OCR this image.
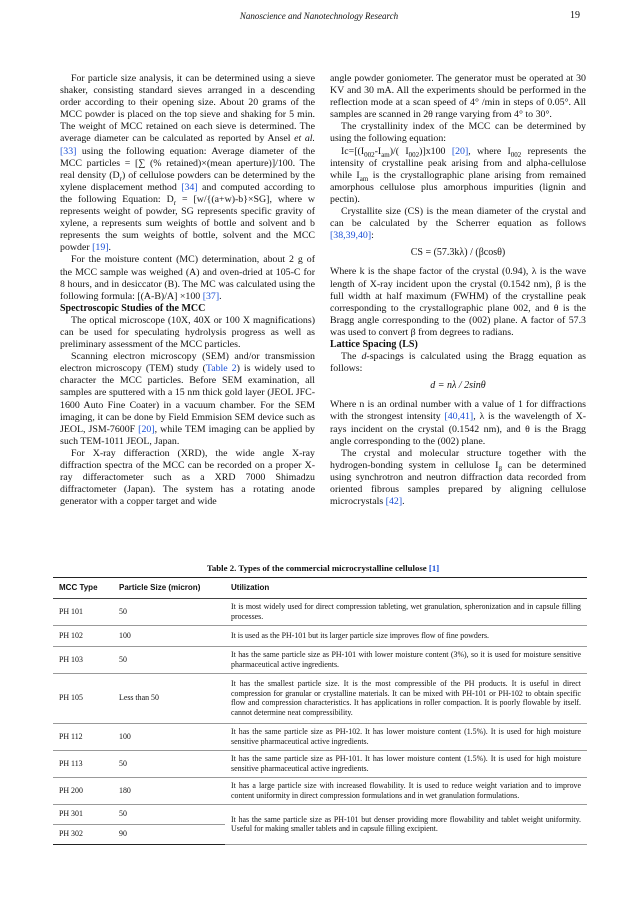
Nanoscience and Nanotechnology Research	19

For particle size analysis, it can be determined using a sieve shaker, consisting standard sieves arranged in a descending order according to their opening size. About 20 grams of the MCC powder is placed on the top sieve and shaking for 5 min. The weight of MCC retained on each sieve is determined. The average diameter can be calculated as reported by Ansel et al. [33] using the following equation: Average diameter of the MCC particles = [∑ (% retained)×(mean aperture)]/100. The real density $(D_r)$ of cellulose powders can be determined by the xylene displacement method [34] and computed according to the following Equation: $D_r = [w/\{(a+w)-b\}\times SG]$, where w represents weight of powder, SG represents specific gravity of xylene, a represents sum weights of bottle and solvent and b represents the sum weights of bottle, solvent and the MCC powder [19].

For the moisture content (MC) determination, about 2 g of the MCC sample was weighed (A) and oven-dried at 105-C for 8 hours, and in desiccator (B). The MC was calculated using the following formula: [(A-B)/A] ×100 [37].

Spectroscopic Studies of the MCC

The optical microscope (10X, 40X or 100 X magnifications) can be used for speculating hydrolysis progress as well as preliminary assessment of the MCC particles.

Scanning electron microscopy (SEM) and/or transmission electron microscopy (TEM) study (Table 2) is widely used to character the MCC particles. Before SEM examination, all samples are sputtered with a 15 nm thick gold layer (JEOL JFC- 1600 Auto Fine Coater) in a vacuum chamber. For the SEM imaging, it can be done by Field Emmision SEM device such as JEOL, JSM-7600F [20], while TEM imaging can be applied by such TEM-1011 JEOL, Japan.

For X-ray differaction (XRD), the wide angle X-ray diffraction spectra of the MCC can be recorded on a proper X-ray differactometer such as a XRD 7000 Shimadzu diffractometer (Japan). The system has a rotating anode generator with a copper target and wide

angle powder goniometer. The generator must be operated at 30 KV and 30 mA. All the experiments should be performed in the reflection mode at a scan speed of 4° /min in steps of 0.05°. All samples are scanned in 2θ range varying from 4° to 30°.

The crystallinity index of the MCC can be determined by using the following equation:

$Ic=[(I_{002}-I_{am})/$( $I_{002})]x100$ [20], where $I_{002}$ represents the intensity of crystalline peak arising from and alpha-cellulose while $I_{am}$ is the crystallographic plane arising from remained amorphous cellulose plus amorphous impurities (lignin and pectin).

Crystallite size (CS) is the mean diameter of the crystal and can be calculated by the Scherrer equation as follows [38,39,40]:

CS = (57.3kλ) / (βcosθ)

Where k is the shape factor of the crystal (0.94), λ is the wave length of X-ray incident upon the crystal (0.1542 nm), β is the full width at half maximum (FWHM) of the crystalline peak corresponding to the crystallographic plane 002, and θ is the Bragg angle corresponding to the (002) plane. A factor of 57.3 was used to convert β from degrees to radians.

Lattice Spacing (LS)

The d-spacings is calculated using the Bragg equation as follows:

d = nλ / 2sinθ

Where n is an ordinal number with a value of 1 for diffractions with the strongest intensity [40,41], λ is the wavelength of X-rays incident on the crystal (0.1542 nm), and θ is the Bragg angle corresponding to the (002) plane.

The crystal and molecular structure together with the hydrogen-bonding system in cellulose $I_\beta$ can be determined using synchrotron and neutron diffraction data recorded from oriented fibrous samples prepared by aligning cellulose microcrystals [42].

Table 2. Types of the commercial microcrystalline cellulose [1]
MCC Type	Particle Size (micron)	Utilization
PH 101	50	It is most widely used for direct compression tableting, wet granulation, spheronization and in capsule filling processes.
PH 102	100	It is used as the PH-101 but its larger particle size improves flow of fine powders.
PH 103	50	It has the same particle size as PH-101 with lower moisture content (3%), so it is used for moisture sensitive pharmaceutical active ingredients.
PH 105	Less than 50	It has the smallest particle size. It is the most compressible of the PH products. It is useful in direct compression for granular or crystalline materials. It can be mixed with PH-101 or PH-102 to obtain specific flow and compression characteristics. It has applications in roller compaction. It is poorly flowable by itself. cannot determine neat compressibility.
PH 112	100	It has the same particle size as PH-102. It has lower moisture content (1.5%). It is used for high moisture sensitive pharmaceutical active ingredients.
PH 113	50	It has the same particle size as PH-101. It has lower moisture content (1.5%). It is used for high moisture sensitive pharmaceutical active ingredients.
PH 200	180	It has a large particle size with increased flowability. It is used to reduce weight variation and to improve content uniformity in direct compression formulations and in wet granulation formulations.
PH 301	50	It has the same particle size as PH-101 but denser providing more flowability and tablet weight uniformity. Useful for making smaller tablets and in capsule filling excipient.
PH 302	90	
